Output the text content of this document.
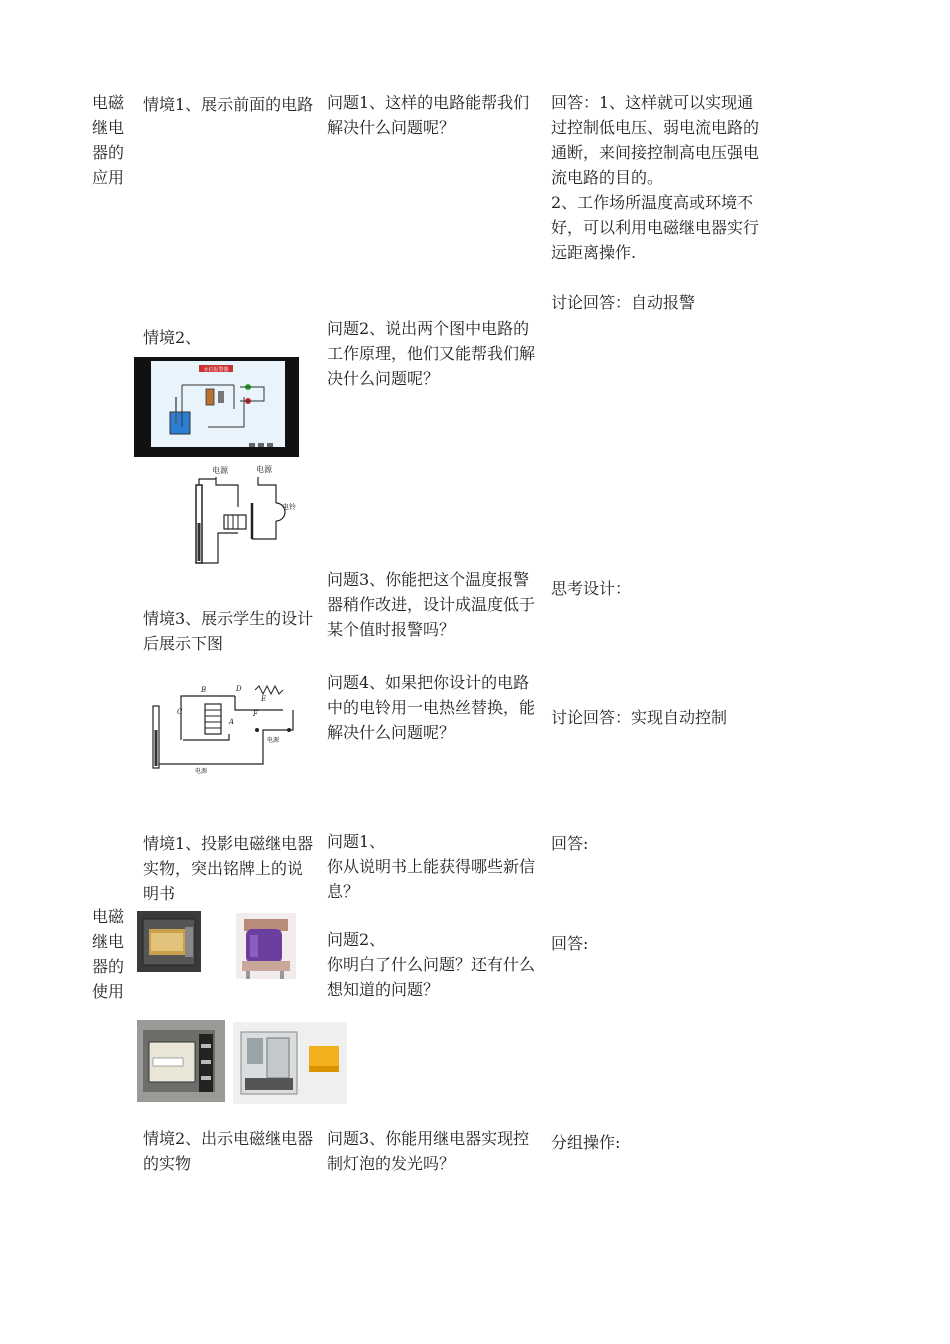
电磁
继电
器的
应用
情境1、展示前面的电路 问题1、这样的电路能帮我们解决什么问题呢？
回答：1、这样就可以实现通过控制低电压、弱电流电路的通断，来间接控制高电压强电流电路的目的。
2、工作场所温度高或环境不好，可以利用电磁继电器实行远距离操作.
讨论回答：自动报警
情境2、	问题2、说出两个图中电路的工作原理，他们又能帮我们解决什么问题呢？
水位报警器
电源	电源
电铃
情境3、展示学生的设计后展示下图
问题3、你能把这个温度报警器稍作改进，设计成温度低于某个值时报警吗？
思考设计：
B
C
D
E
F
A
电源
电源
问题4、如果把你设计的电路中的电铃用一电热丝替换，能解决什么问题呢？
讨论回答：实现自动控制
情境1、投影电磁继电器实物，突出铭牌上的说明书
问题1、
你从说明书上能获得哪些新信息？
回答:
电磁
继电
器的
使用
问题2、
你明白了什么问题？还有什么想知道的问题？
回答:
情境2、出示电磁继电器的实物
问题3、你能用继电器实现控制灯泡的发光吗？
分组操作:
